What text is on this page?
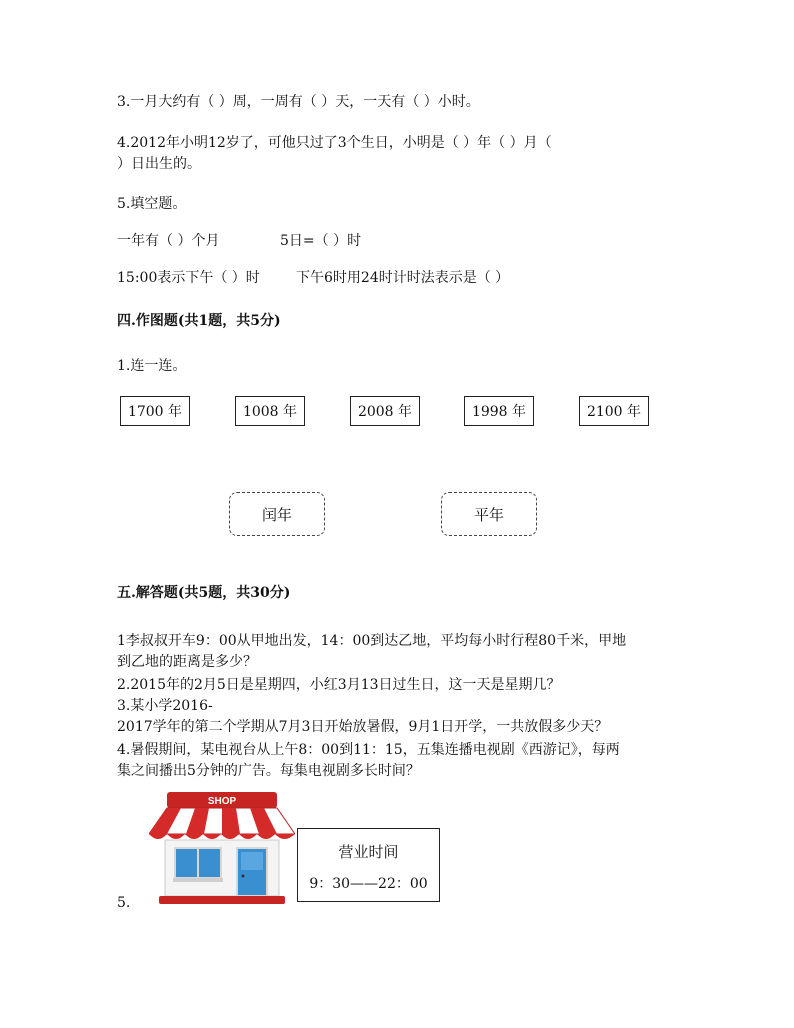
3.一月大约有（ ）周，一周有（ ）天，一天有（ ）小时。
4.2012年小明12岁了，可他只过了3个生日，小明是（ ）年（ ）月（
）日出生的。
5.填空题。
一年有（ ）个月	5日=（ ）时
15:00表示下午（ ）时	下午6时用24时计时法表示是（ ）
四.作图题(共1题，共5分)
1.连一连。
1700 年	1008 年	2008 年	1998 年	2100 年
闰年	平年
五.解答题(共5题，共30分)
1李叔叔开车9：00从甲地出发，14：00到达乙地，平均每小时行程80千米，甲地
到乙地的距离是多少？
2.2015年的2月5日是星期四，小红3月13日过生日，这一天是星期几？
3.某小学2016-
2017学年的第二个学期从7月3日开始放暑假，9月1日开学，一共放假多少天？
4.暑假期间，某电视台从上午8：00到11：15，五集连播电视剧《西游记》，每两
集之间播出5分钟的广告。每集电视剧多长时间？
SHOP
5.
营业时间
9：30——22：00
